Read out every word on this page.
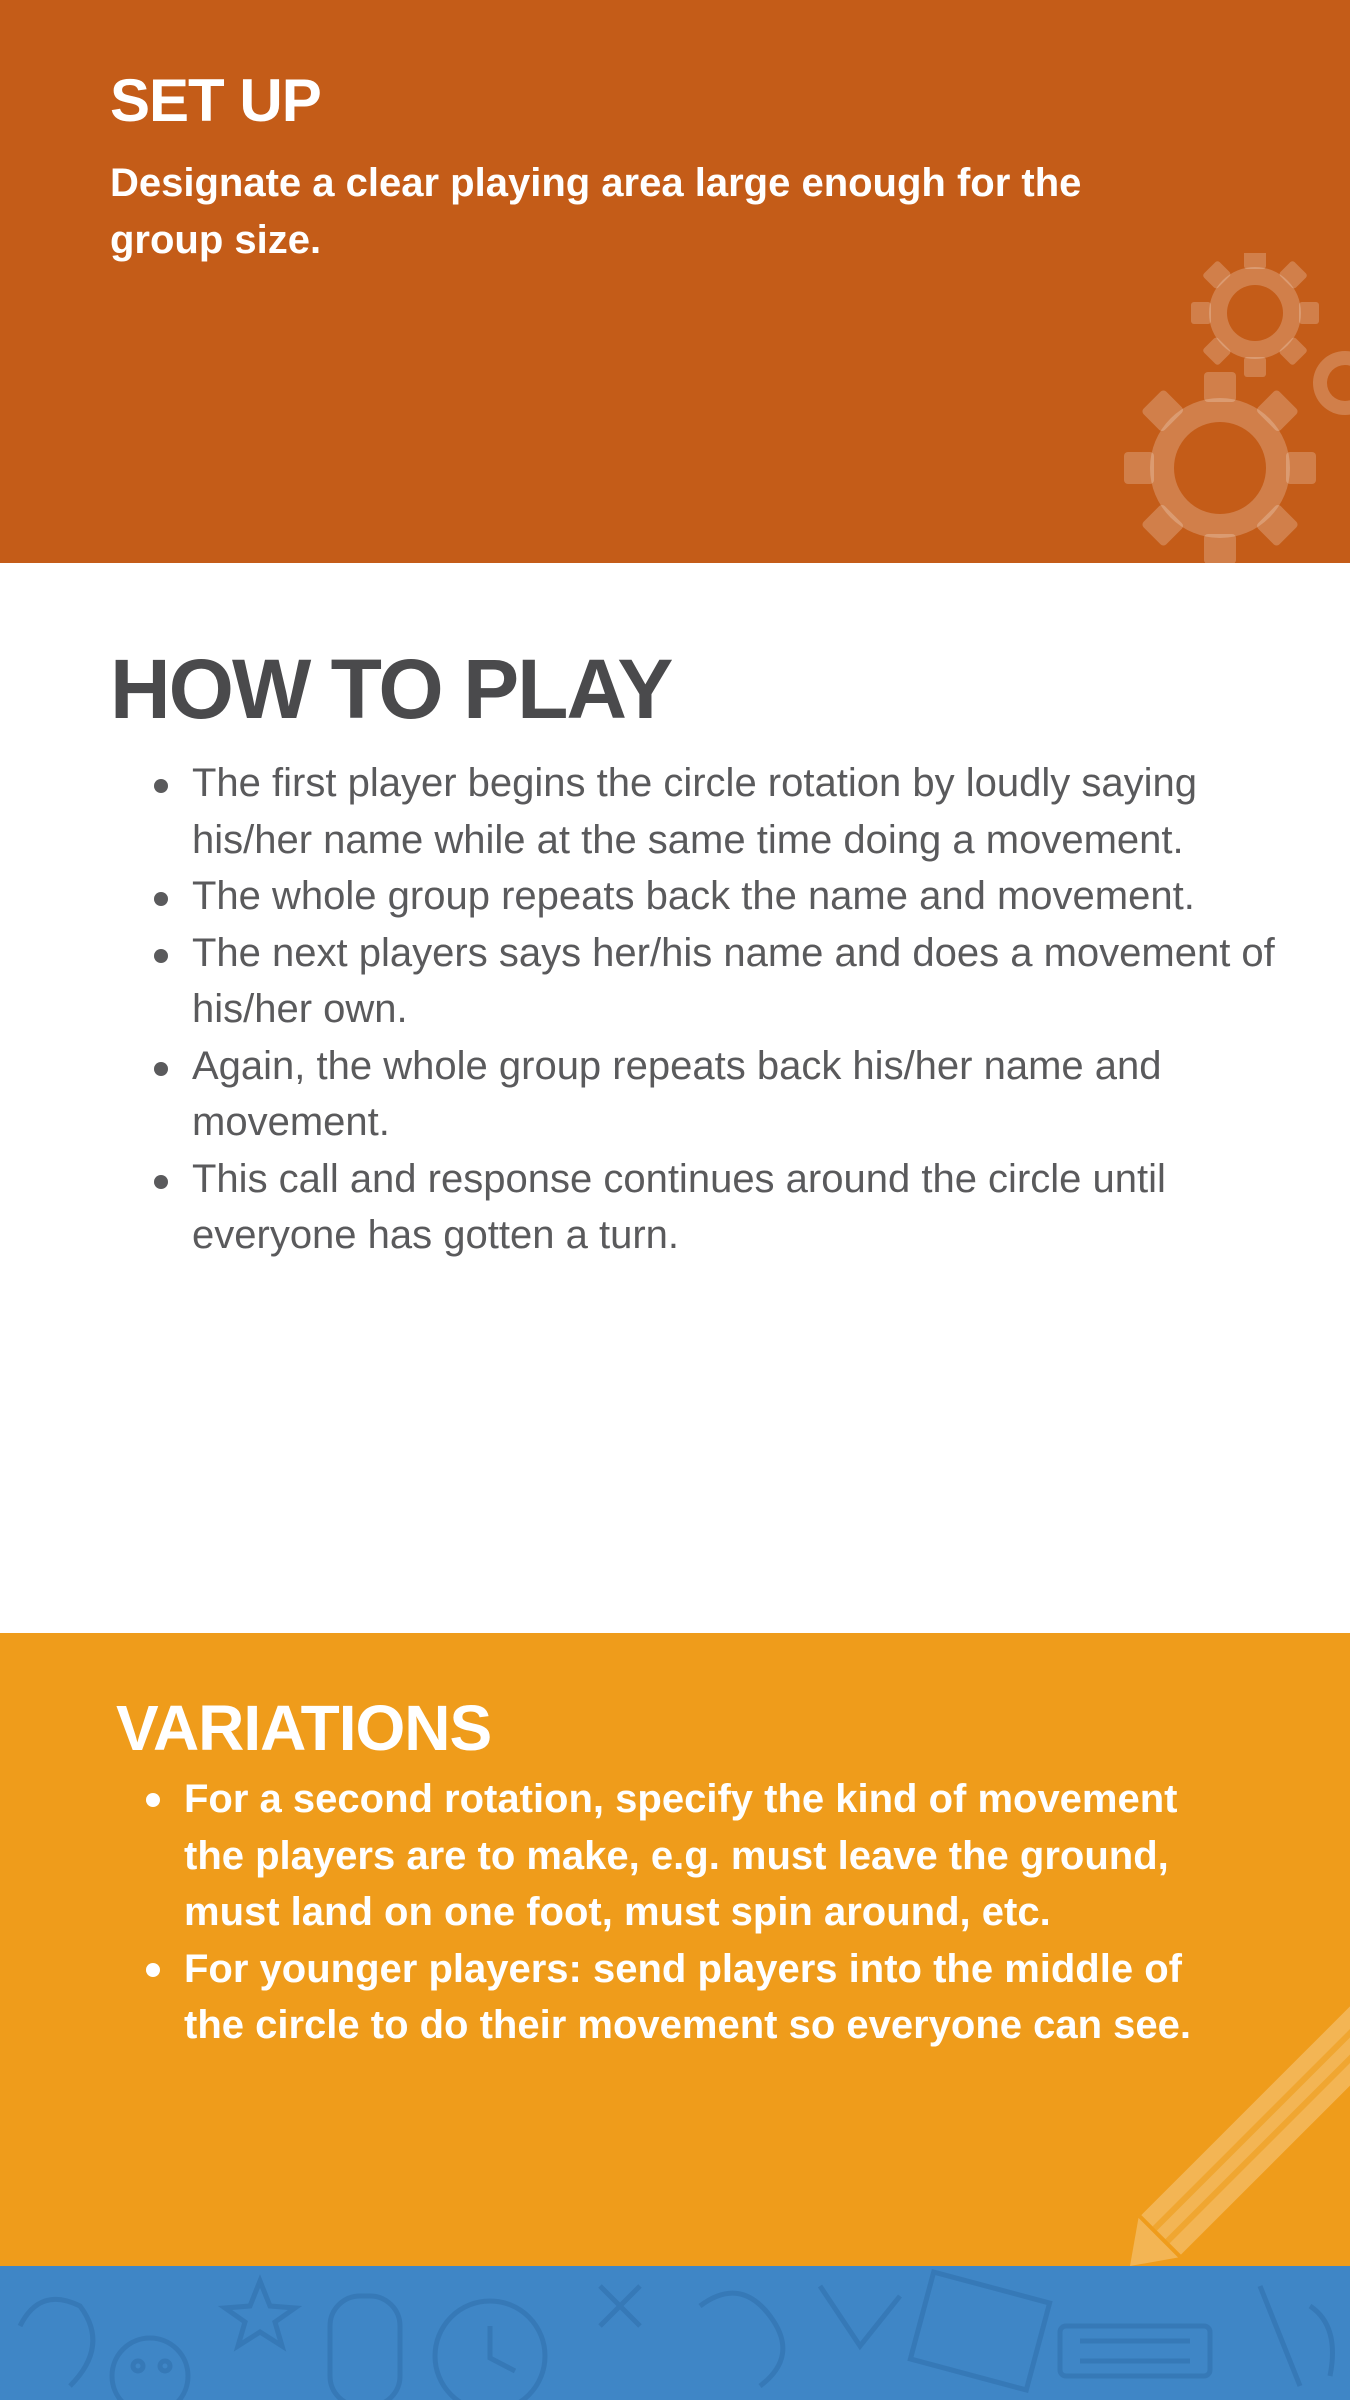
SET UP

Designate a clear playing area large enough for the group size.

HOW TO PLAY
The first player begins the circle rotation by loudly saying his/her name while at the same time doing a movement.
The whole group repeats back the name and movement.
The next players says her/his name and does a movement of his/her own.
Again, the whole group repeats back his/her name and movement.
This call and response continues around the circle until everyone has gotten a turn.
VARIATIONS
For a second rotation, specify the kind of movement the players are to make, e.g. must leave the ground, must land on one foot, must spin around, etc.
For younger players: send players into the middle of the circle to do their movement so everyone can see.
